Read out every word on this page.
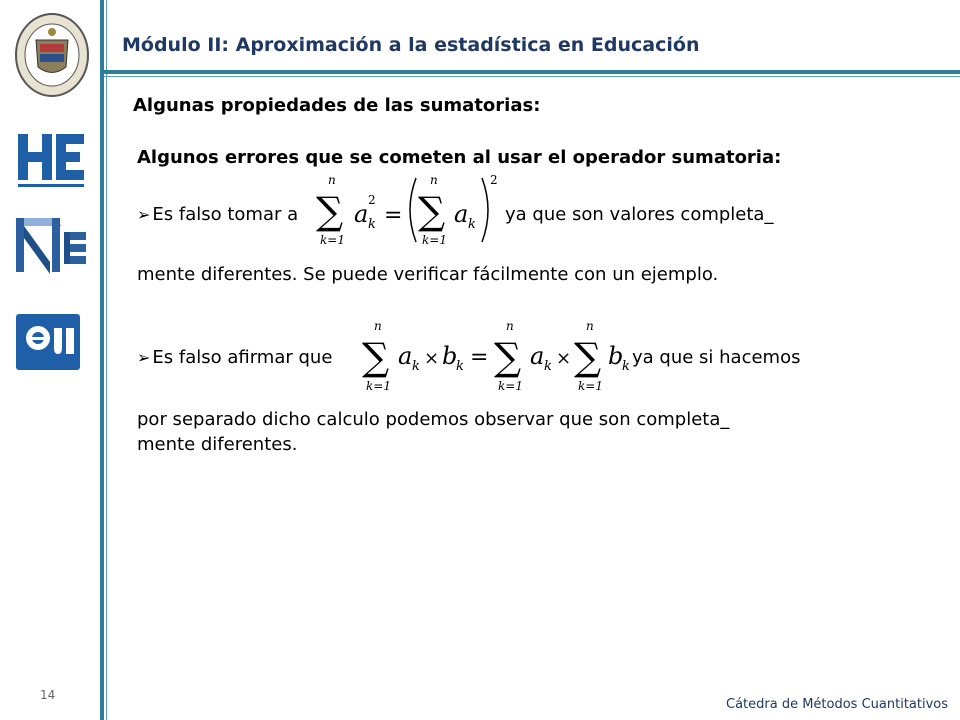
Módulo II: Aproximación a la estadística en Educación
Algunas propiedades de las sumatorias:
Algunos errores que se cometen al usar el operador sumatoria:
➢ Es falso tomar a
n
∑
k=1
a 2
k =
n
∑
k=1
a k
2
ya que son valores completa_
mente diferentes. Se puede verificar fácilmente con un ejemplo.
➢ Es falso afirmar que
n
∑
k=1
a k × b
k =
n
∑
k=1
a k ×
n
∑
k=1
b
k ya que si hacemos
por separado dicho calculo podemos observar que son completa_
mente diferentes.
14
Cátedra de Métodos Cuantitativos
